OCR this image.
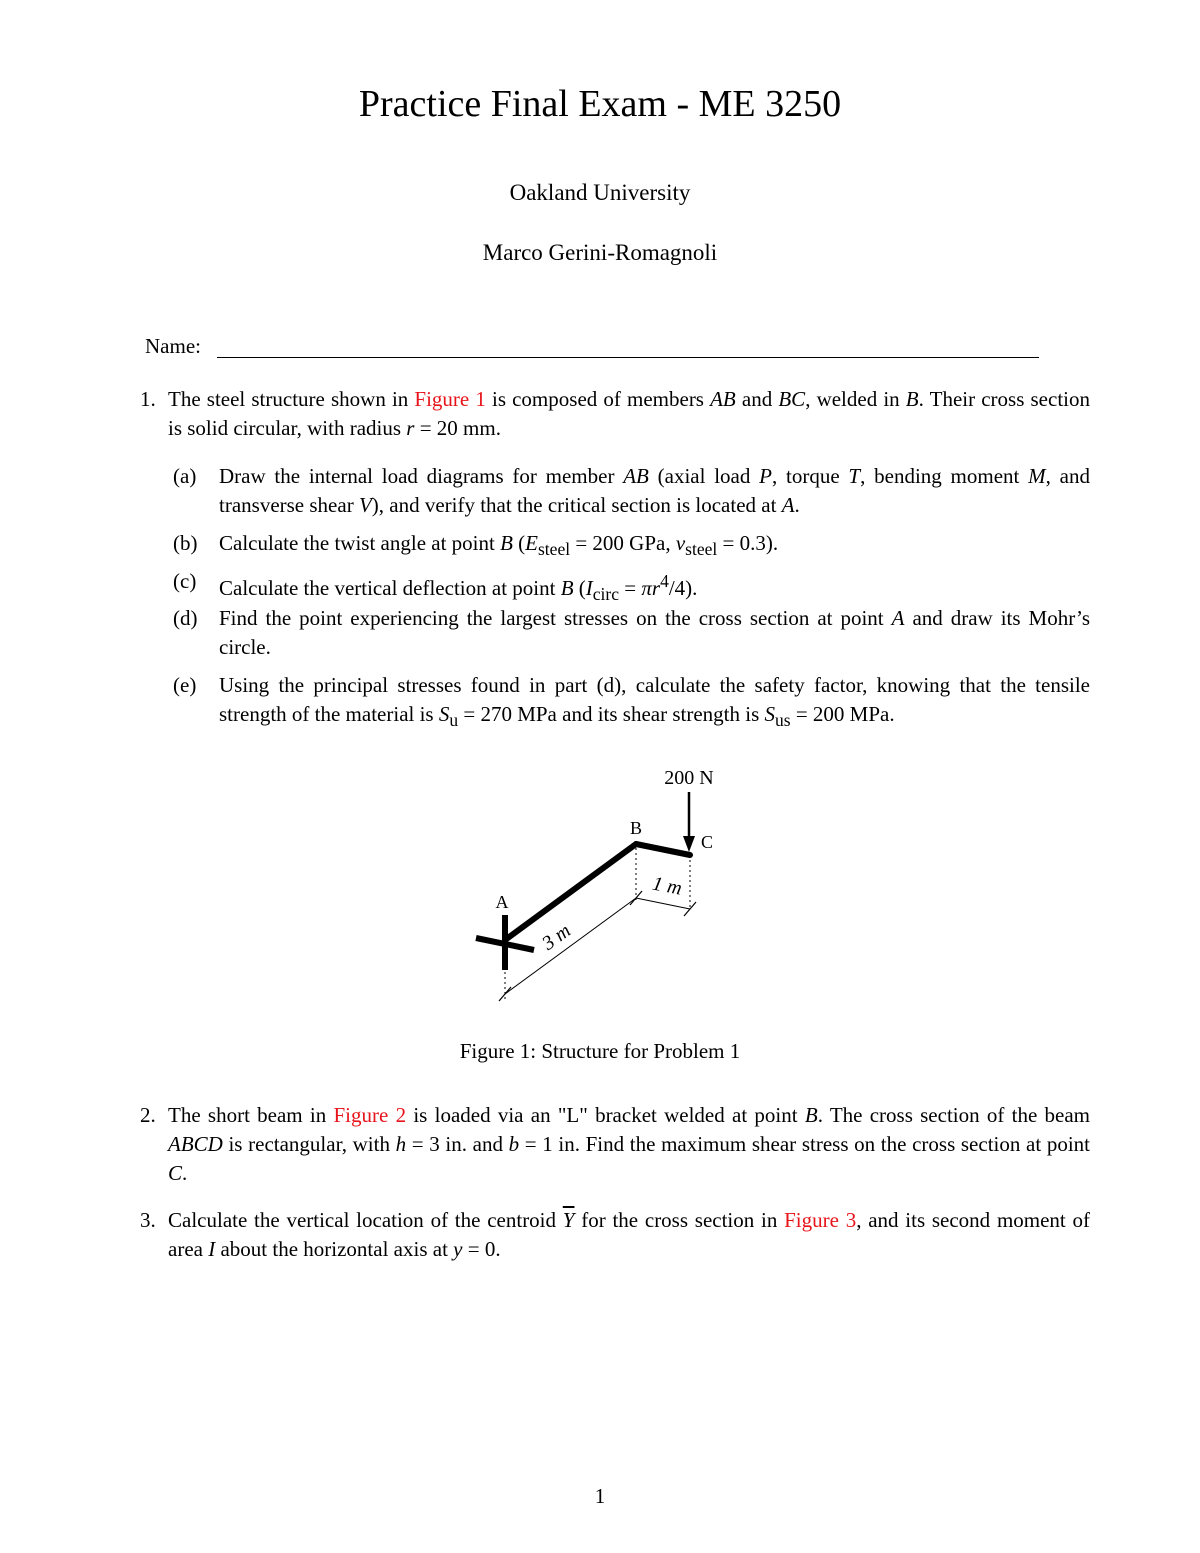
Practice Final Exam - ME 3250
Oakland University
Marco Gerini-Romagnoli
Name:
1. The steel structure shown in Figure 1 is composed of members AB and BC, welded in B. Their cross section is solid circular, with radius r = 20 mm.
(a) Draw the internal load diagrams for member AB (axial load P, torque T, bending moment M, and transverse shear V), and verify that the critical section is located at A.
(b) Calculate the twist angle at point B ($E_{steel} = 200$ GPa, $\nu_{steel} = 0.3$).
(c) Calculate the vertical deflection at point B $(I_{circ} = \pi r^4/4)$.
(d) Find the point experiencing the largest stresses on the cross section at point A and draw its Mohr’s circle.
(e) Using the principal stresses found in part (d), calculate the safety factor, knowing that the tensile strength of the material is $S_u = 270$ MPa and its shear strength is $S_{us} = 200$ MPa.
200 N
B
C
A
3 m
1 m
Figure 1: Structure for Problem 1
2. The short beam in Figure 2 is loaded via an "L" bracket welded at point B. The cross section of the beam ABCD is rectangular, with h = 3 in. and b = 1 in. Find the maximum shear stress on the cross section at point C.
3. Calculate the vertical location of the centroid $\overline{Y}$ for the cross section in Figure 3, and its second moment of area I about the horizontal axis at y = 0.
1
